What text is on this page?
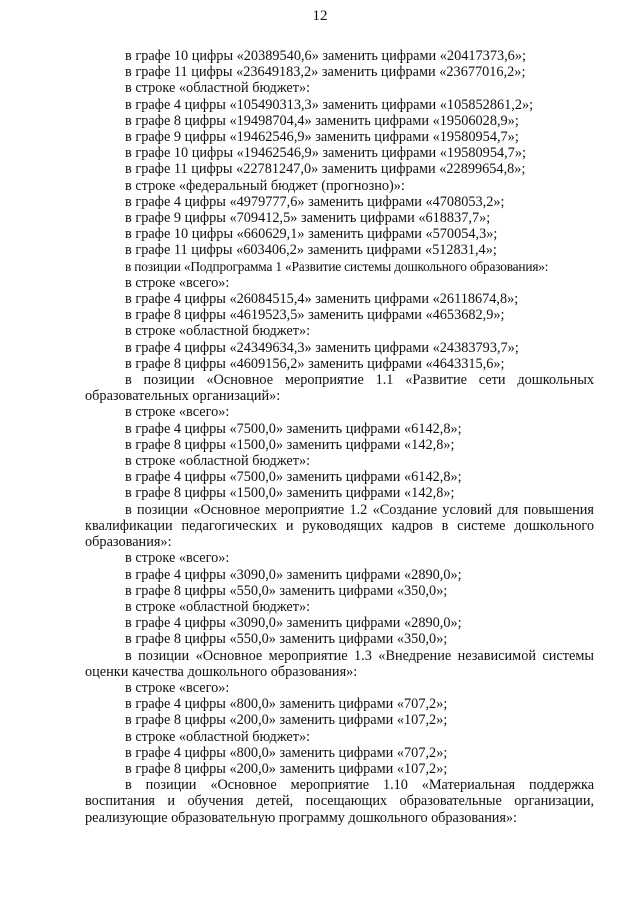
12

в графе 10 цифры «20389540,6» заменить цифрами «20417373,6»;

в графе 11 цифры «23649183,2» заменить цифрами «23677016,2»;

в строке «областной бюджет»:

в графе 4 цифры «105490313,3» заменить цифрами «105852861,2»;

в графе 8 цифры «19498704,4» заменить цифрами «19506028,9»;

в графе 9 цифры «19462546,9» заменить цифрами «19580954,7»;

в графе 10 цифры «19462546,9» заменить цифрами «19580954,7»;

в графе 11 цифры «22781247,0» заменить цифрами «22899654,8»;

в строке «федеральный бюджет (прогнозно)»:

в графе 4 цифры «4979777,6» заменить цифрами «4708053,2»;

в графе 9 цифры «709412,5» заменить цифрами «618837,7»;

в графе 10 цифры «660629,1» заменить цифрами «570054,3»;

в графе 11 цифры «603406,2» заменить цифрами «512831,4»;

в позиции «Подпрограмма 1 «Развитие системы дошкольного образования»:

в строке «всего»:

в графе 4 цифры «26084515,4» заменить цифрами «26118674,8»;

в графе 8 цифры «4619523,5» заменить цифрами «4653682,9»;

в строке «областной бюджет»:

в графе 4 цифры «24349634,3» заменить цифрами «24383793,7»;

в графе 8 цифры «4609156,2» заменить цифрами «4643315,6»;

в позиции «Основное мероприятие 1.1 «Развитие сети дошкольных образовательных организаций»:

в строке «всего»:

в графе 4 цифры «7500,0» заменить цифрами «6142,8»;

в графе 8 цифры «1500,0» заменить цифрами «142,8»;

в строке «областной бюджет»:

в графе 4 цифры «7500,0» заменить цифрами «6142,8»;

в графе 8 цифры «1500,0» заменить цифрами «142,8»;

в позиции «Основное мероприятие 1.2 «Создание условий для повышения квалификации педагогических и руководящих кадров в системе дошкольного образования»:

в строке «всего»:

в графе 4 цифры «3090,0» заменить цифрами «2890,0»;

в графе 8 цифры «550,0» заменить цифрами «350,0»;

в строке «областной бюджет»:

в графе 4 цифры «3090,0» заменить цифрами «2890,0»;

в графе 8 цифры «550,0» заменить цифрами «350,0»;

в позиции «Основное мероприятие 1.3 «Внедрение независимой системы оценки качества дошкольного образования»:

в строке «всего»:

в графе 4 цифры «800,0» заменить цифрами «707,2»;

в графе 8 цифры «200,0» заменить цифрами «107,2»;

в строке «областной бюджет»:

в графе 4 цифры «800,0» заменить цифрами «707,2»;

в графе 8 цифры «200,0» заменить цифрами «107,2»;

в позиции «Основное мероприятие 1.10 «Материальная поддержка воспитания и обучения детей, посещающих образовательные организации, реализующие образовательную программу дошкольного образования»:
